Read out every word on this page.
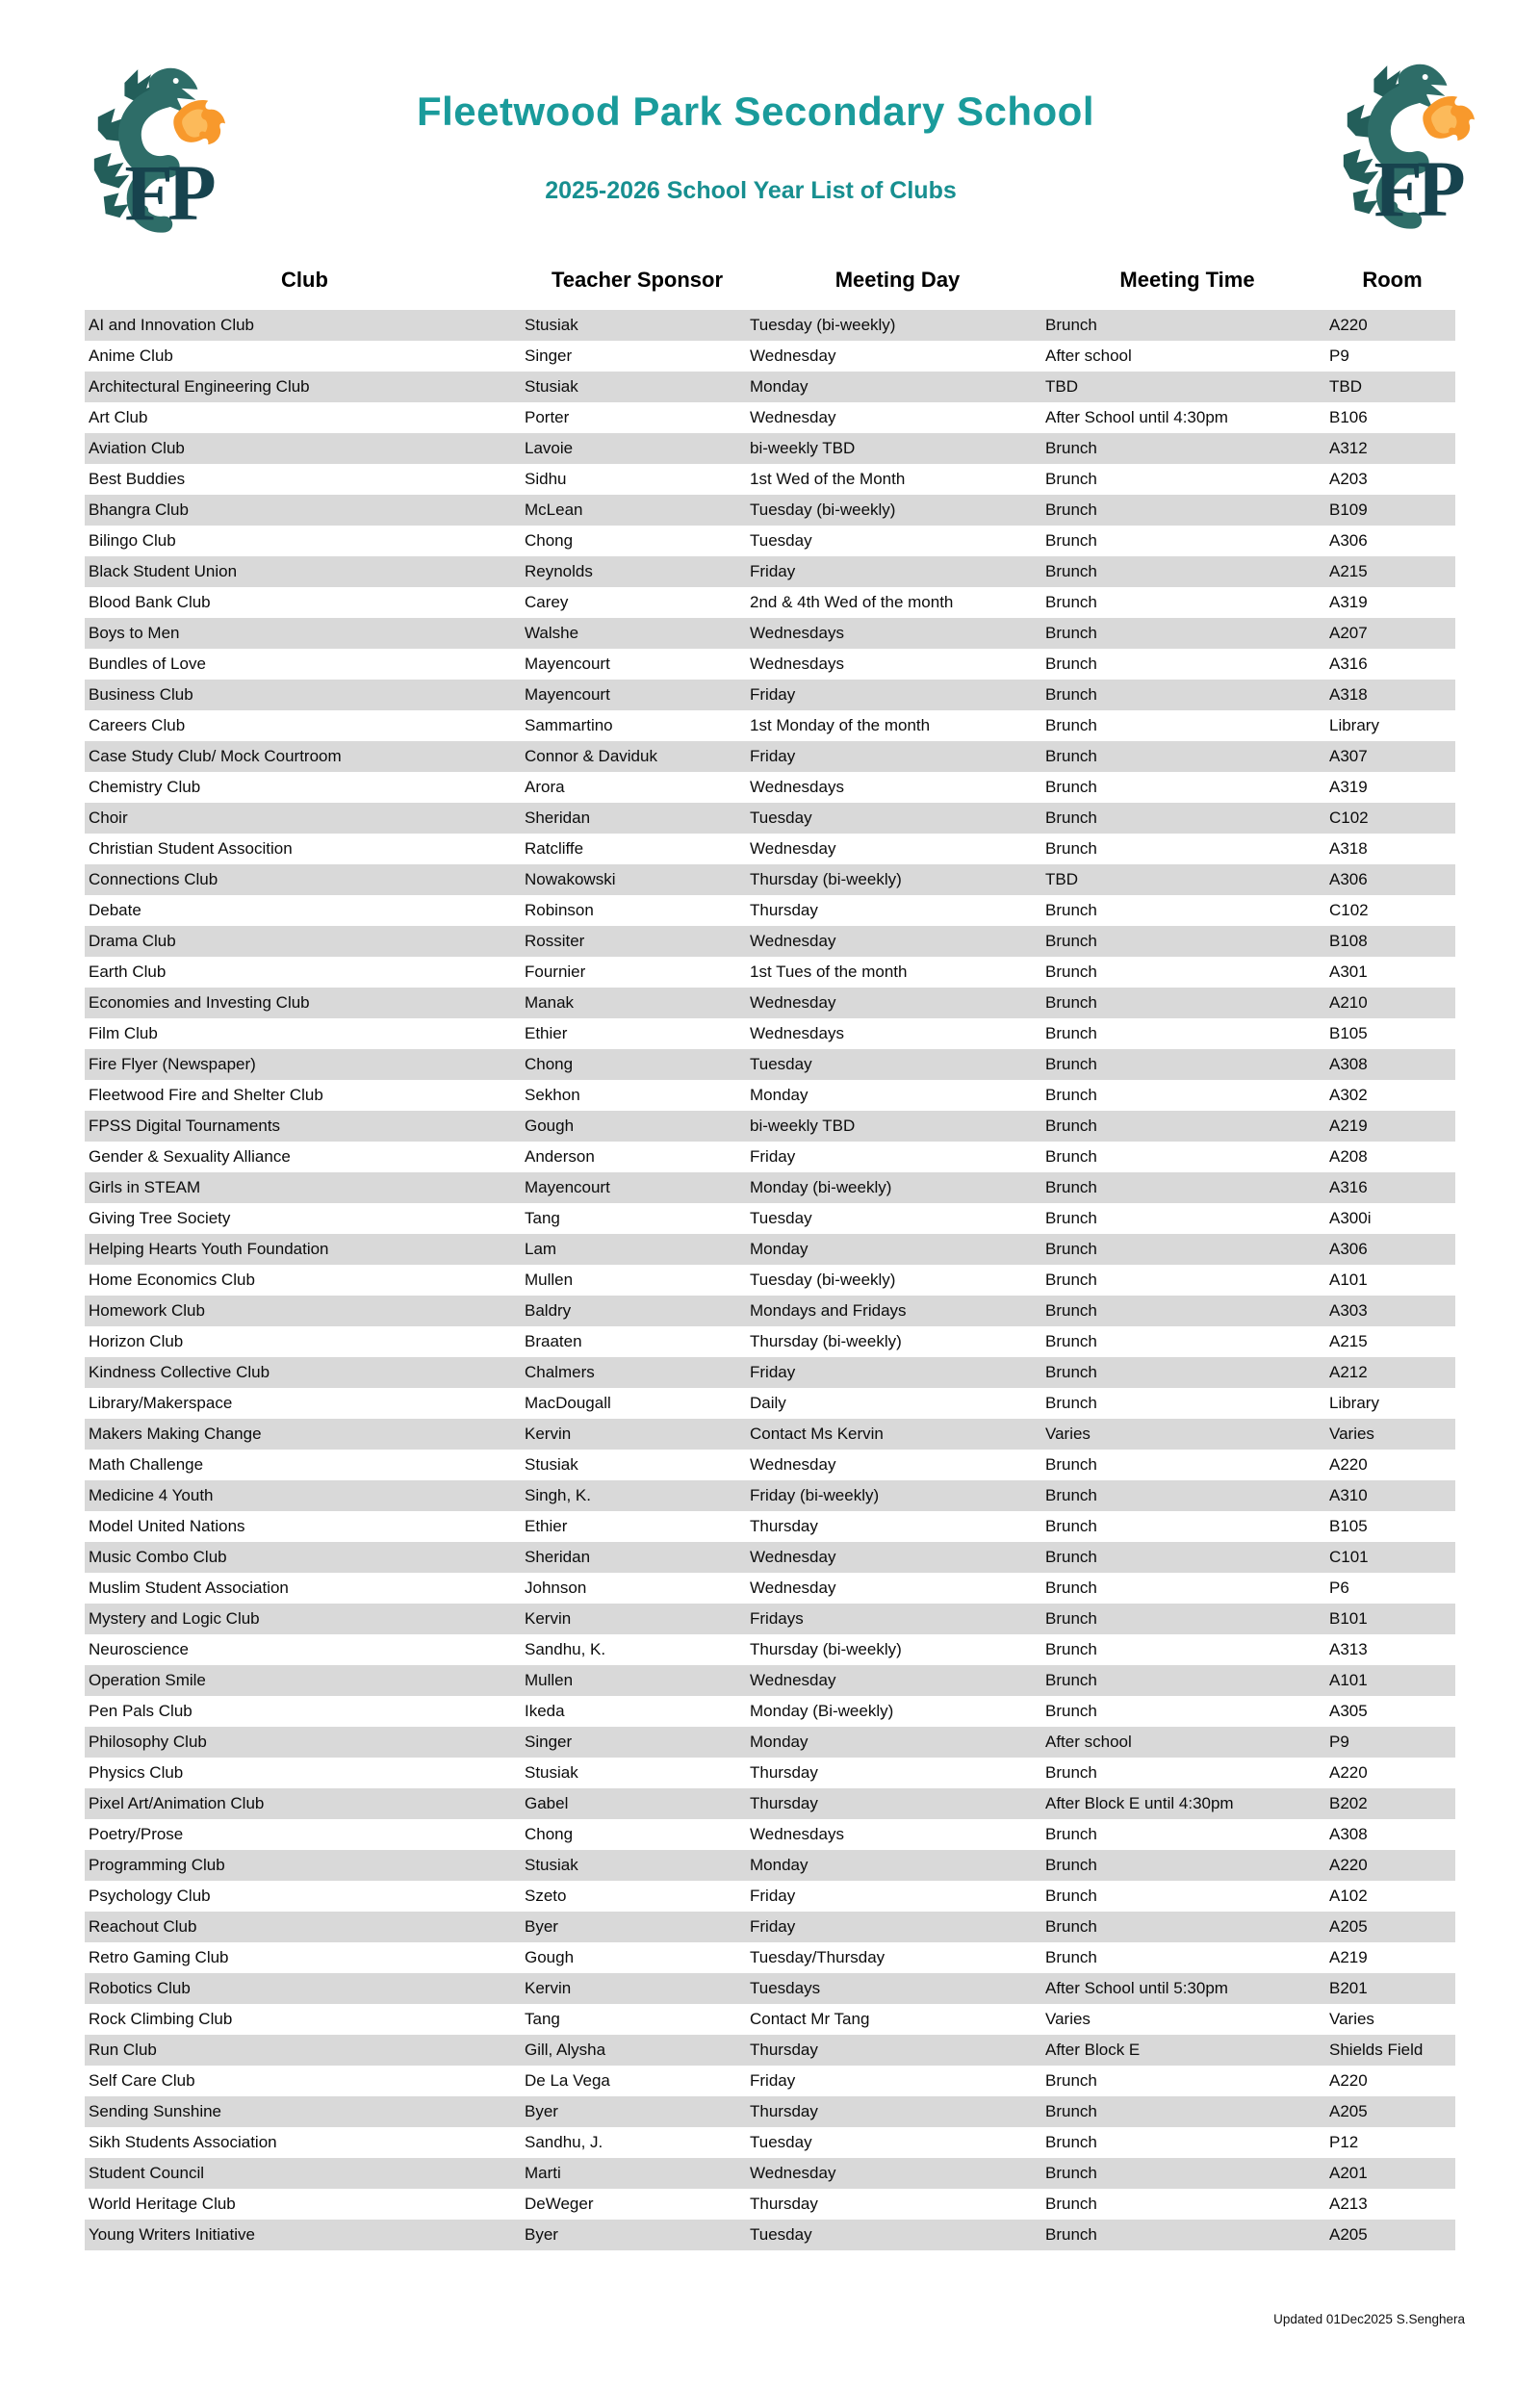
FP	FP
Fleetwood Park Secondary School
2025-2026 School Year List of Clubs
Club	Teacher Sponsor	Meeting Day	Meeting Time	Room
AI and Innovation Club	Stusiak	Tuesday (bi-weekly)	Brunch	A220
Anime Club	Singer	Wednesday	After school	P9
Architectural Engineering Club	Stusiak	Monday	TBD	TBD
Art Club	Porter	Wednesday	After School until 4:30pm	B106
Aviation Club	Lavoie	bi-weekly TBD	Brunch	A312
Best Buddies	Sidhu	1st Wed of the Month	Brunch	A203
Bhangra Club	McLean	Tuesday (bi-weekly)	Brunch	B109
Bilingo Club	Chong	Tuesday	Brunch	A306
Black Student Union	Reynolds	Friday	Brunch	A215
Blood Bank Club	Carey	2nd & 4th Wed of the month	Brunch	A319
Boys to Men	Walshe	Wednesdays	Brunch	A207
Bundles of Love	Mayencourt	Wednesdays	Brunch	A316
Business Club	Mayencourt	Friday	Brunch	A318
Careers Club	Sammartino	1st Monday of the month	Brunch	Library
Case Study Club/ Mock Courtroom	Connor & Daviduk	Friday	Brunch	A307
Chemistry Club	Arora	Wednesdays	Brunch	A319
Choir	Sheridan	Tuesday	Brunch	C102
Christian Student Assocition	Ratcliffe	Wednesday	Brunch	A318
Connections Club	Nowakowski	Thursday (bi-weekly)	TBD	A306
Debate	Robinson	Thursday	Brunch	C102
Drama Club	Rossiter	Wednesday	Brunch	B108
Earth Club	Fournier	1st Tues of the month	Brunch	A301
Economies and Investing Club	Manak	Wednesday	Brunch	A210
Film Club	Ethier	Wednesdays	Brunch	B105
Fire Flyer (Newspaper)	Chong	Tuesday	Brunch	A308
Fleetwood Fire and Shelter Club	Sekhon	Monday	Brunch	A302
FPSS Digital Tournaments	Gough	bi-weekly TBD	Brunch	A219
Gender & Sexuality Alliance	Anderson	Friday	Brunch	A208
Girls in STEAM	Mayencourt	Monday (bi-weekly)	Brunch	A316
Giving Tree Society	Tang	Tuesday	Brunch	A300i
Helping Hearts Youth Foundation	Lam	Monday	Brunch	A306
Home Economics Club	Mullen	Tuesday (bi-weekly)	Brunch	A101
Homework Club	Baldry	Mondays and Fridays	Brunch	A303
Horizon Club	Braaten	Thursday (bi-weekly)	Brunch	A215
Kindness Collective Club	Chalmers	Friday	Brunch	A212
Library/Makerspace	MacDougall	Daily	Brunch	Library
Makers Making Change	Kervin	Contact Ms Kervin	Varies	Varies
Math Challenge	Stusiak	Wednesday	Brunch	A220
Medicine 4 Youth	Singh, K.	Friday (bi-weekly)	Brunch	A310
Model United Nations	Ethier	Thursday	Brunch	B105
Music Combo Club	Sheridan	Wednesday	Brunch	C101
Muslim Student Association	Johnson	Wednesday	Brunch	P6
Mystery and Logic Club	Kervin	Fridays	Brunch	B101
Neuroscience	Sandhu, K.	Thursday (bi-weekly)	Brunch	A313
Operation Smile	Mullen	Wednesday	Brunch	A101
Pen Pals Club	Ikeda	Monday (Bi-weekly)	Brunch	A305
Philosophy Club	Singer	Monday	After school	P9
Physics Club	Stusiak	Thursday	Brunch	A220
Pixel Art/Animation Club	Gabel	Thursday	After Block E until 4:30pm	B202
Poetry/Prose	Chong	Wednesdays	Brunch	A308
Programming Club	Stusiak	Monday	Brunch	A220
Psychology Club	Szeto	Friday	Brunch	A102
Reachout Club	Byer	Friday	Brunch	A205
Retro Gaming Club	Gough	Tuesday/Thursday	Brunch	A219
Robotics Club	Kervin	Tuesdays	After School until 5:30pm	B201
Rock Climbing Club	Tang	Contact Mr Tang	Varies	Varies
Run Club	Gill, Alysha	Thursday	After Block E	Shields Field
Self Care Club	De La Vega	Friday	Brunch	A220
Sending Sunshine	Byer	Thursday	Brunch	A205
Sikh Students Association	Sandhu, J.	Tuesday	Brunch	P12
Student Council	Marti	Wednesday	Brunch	A201
World Heritage Club	DeWeger	Thursday	Brunch	A213
Young Writers Initiative	Byer	Tuesday	Brunch	A205
Updated 01Dec2025 S.Senghera
